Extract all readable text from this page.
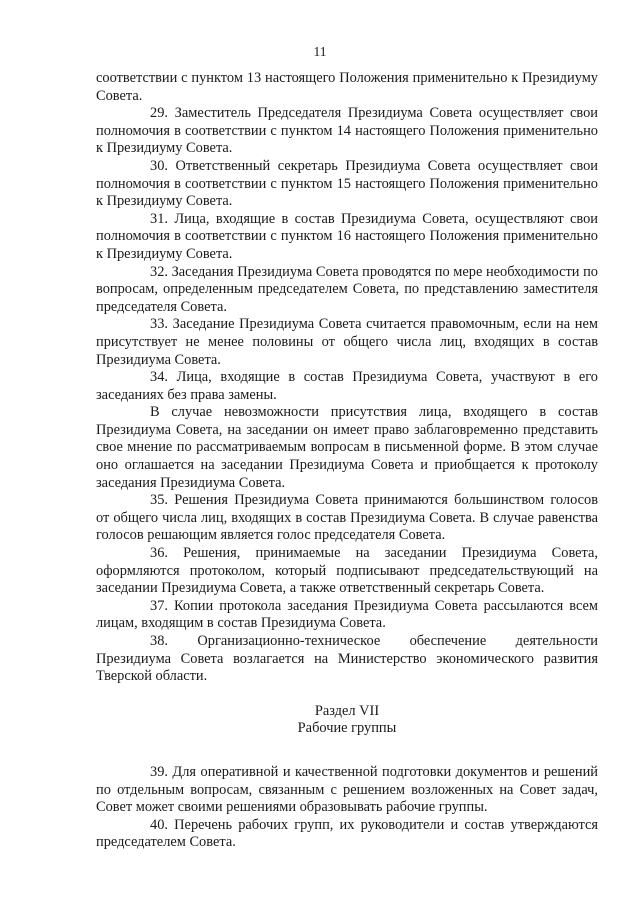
11

соответствии с пунктом 13 настоящего Положения применительно к Президиуму Совета.

29. Заместитель Председателя Президиума Совета осуществляет свои полномочия в соответствии с пунктом 14 настоящего Положения применительно к Президиуму Совета.

30. Ответственный секретарь Президиума Совета осуществляет свои полномочия в соответствии с пунктом 15 настоящего Положения применительно к Президиуму Совета.

31. Лица, входящие в состав Президиума Совета, осуществляют свои полномочия в соответствии с пунктом 16 настоящего Положения применительно к Президиуму Совета.

32. Заседания Президиума Совета проводятся по мере необходимости по вопросам, определенным председателем Совета, по представлению заместителя председателя Совета.

33. Заседание Президиума Совета считается правомочным, если на нем присутствует не менее половины от общего числа лиц, входящих в состав Президиума Совета.

34. Лица, входящие в состав Президиума Совета, участвуют в его заседаниях без права замены.

В случае невозможности присутствия лица, входящего в состав Президиума Совета, на заседании он имеет право заблаговременно представить свое мнение по рассматриваемым вопросам в письменной форме. В этом случае оно оглашается на заседании Президиума Совета и приобщается к протоколу заседания Президиума Совета.

35. Решения Президиума Совета принимаются большинством голосов от общего числа лиц, входящих в состав Президиума Совета. В случае равенства голосов решающим является голос председателя Совета.

36. Решения, принимаемые на заседании Президиума Совета, оформляются протоколом, который подписывают председательствующий на заседании Президиума Совета, а также ответственный секретарь Совета.

37. Копии протокола заседания Президиума Совета рассылаются всем лицам, входящим в состав Президиума Совета.

38. Организационно-техническое обеспечение деятельности Президиума Совета возлагается на Министерство экономического развития Тверской области.

Раздел VII
Рабочие группы

39. Для оперативной и качественной подготовки документов и решений по отдельным вопросам, связанным с решением возложенных на Совет задач, Совет может своими решениями образовывать рабочие группы.

40. Перечень рабочих групп, их руководители и состав утверждаются председателем Совета.
